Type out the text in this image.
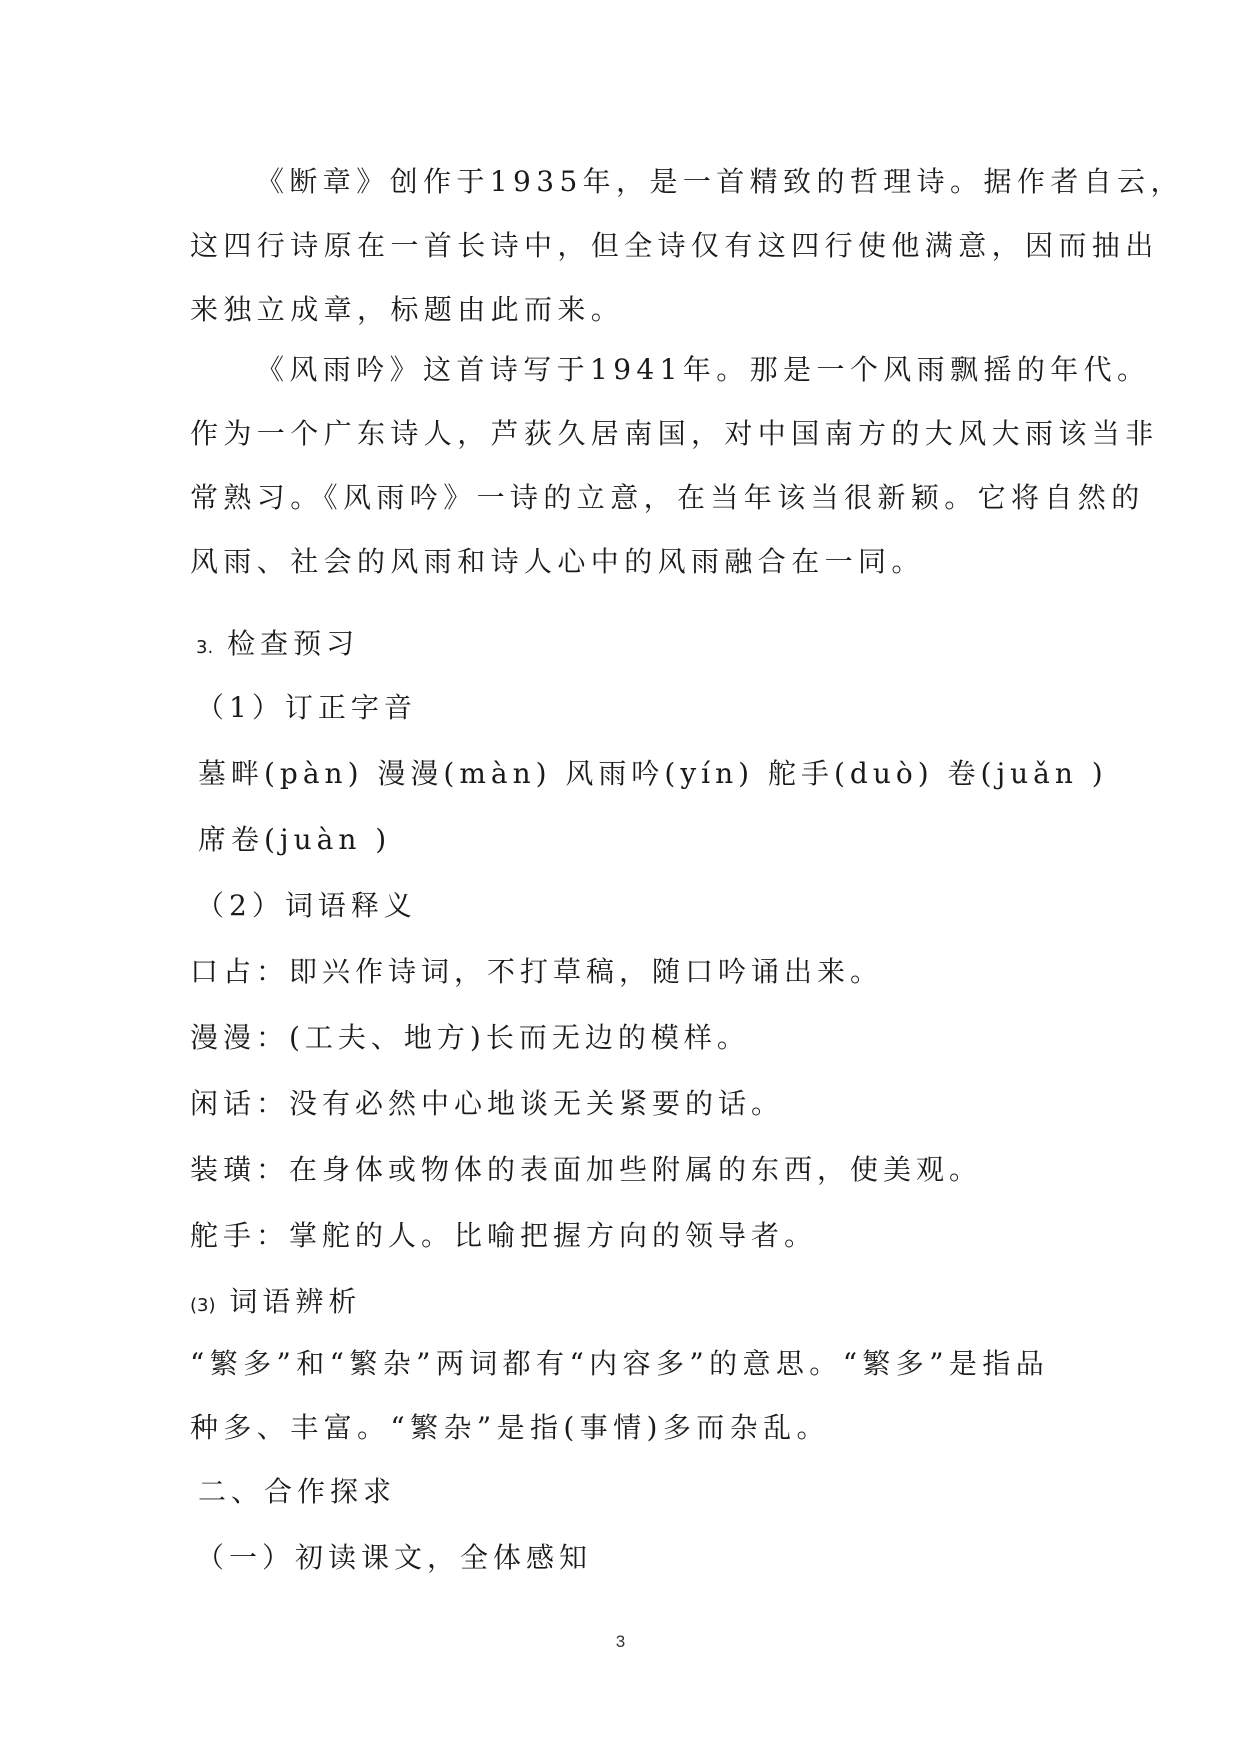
《断章》创作于1935年，是一首精致的哲理诗。据作者自云，
这四行诗原在一首长诗中，但全诗仅有这四行使他满意，因而抽出
来独立成章，标题由此而来。
《风雨吟》这首诗写于1941年。那是一个风雨飘摇的年代。
作为一个广东诗人，芦荻久居南国，对中国南方的大风大雨该当非
常熟习。《风雨吟》一诗的立意，在当年该当很新颖。它将自然的
风雨、社会的风雨和诗人心中的风雨融合在一同。
3. 检查预习
（1）订正字音
墓畔(pàn) 漫漫(màn) 风雨吟(yín) 舵手(duò) 卷(juǎn )
席卷(juàn )
（2）词语释义
口占：即兴作诗词，不打草稿，随口吟诵出来。
漫漫：(工夫、地方)长而无边的模样。
闲话：没有必然中心地谈无关紧要的话。
装璜：在身体或物体的表面加些附属的东西，使美观。
舵手：掌舵的人。比喻把握方向的领导者。
(3) 词语辨析
“繁多”和“繁杂”两词都有“内容多”的意思。“繁多”是指品
种多、丰富。“繁杂”是指(事情)多而杂乱。
二、合作探求
（一）初读课文，全体感知
3
